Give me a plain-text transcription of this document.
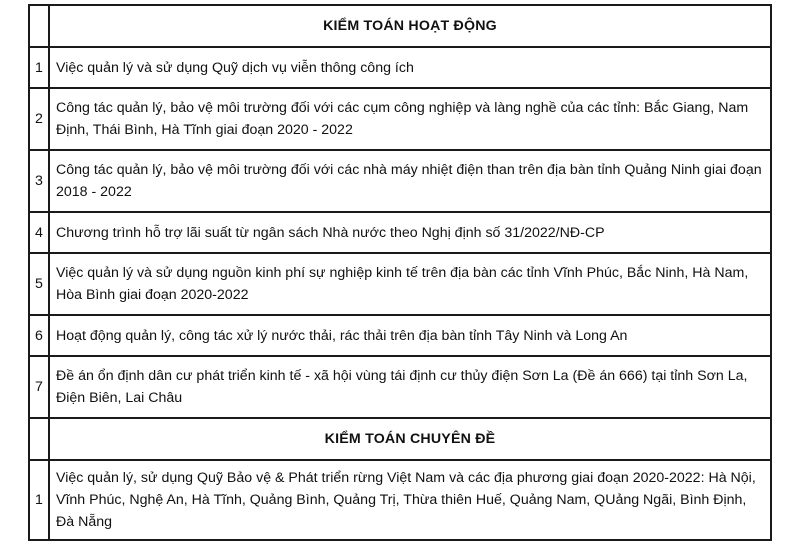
	KIỂM TOÁN HOẠT ĐỘNG
1	Việc quản lý và sử dụng Quỹ dịch vụ viễn thông công ích
2	Công tác quản lý, bảo vệ môi trường đối với các cụm công nghiệp và làng nghề của các tỉnh: Bắc Giang, Nam Định, Thái Bình, Hà Tĩnh giai đoạn 2020 - 2022
3	Công tác quản lý, bảo vệ môi trường đối với các nhà máy nhiệt điện than trên địa bàn tỉnh Quảng Ninh giai đoạn 2018 - 2022
4	Chương trình hỗ trợ lãi suất từ ngân sách Nhà nước theo Nghị định số 31/2022/NĐ-CP
5	Việc quản lý và sử dụng nguồn kinh phí sự nghiệp kinh tế trên địa bàn các tỉnh Vĩnh Phúc, Bắc Ninh, Hà Nam, Hòa Bình giai đoạn 2020-2022
6	Hoạt động quản lý, công tác xử lý nước thải, rác thải trên địa bàn tỉnh Tây Ninh và Long An
7	Đề án ổn định dân cư phát triển kinh tế - xã hội vùng tái định cư thủy điện Sơn La (Đề án 666) tại tỉnh Sơn La, Điện Biên, Lai Châu
	KIỂM TOÁN CHUYÊN ĐỀ
1	Việc quản lý, sử dụng Quỹ Bảo vệ & Phát triển rừng Việt Nam và các địa phương giai đoạn 2020-2022: Hà Nội, Vĩnh Phúc, Nghệ An, Hà Tĩnh, Quảng Bình, Quảng Trị, Thừa thiên Huế, Quảng Nam, QUảng Ngãi, Bình Định, Đà Nẵng
